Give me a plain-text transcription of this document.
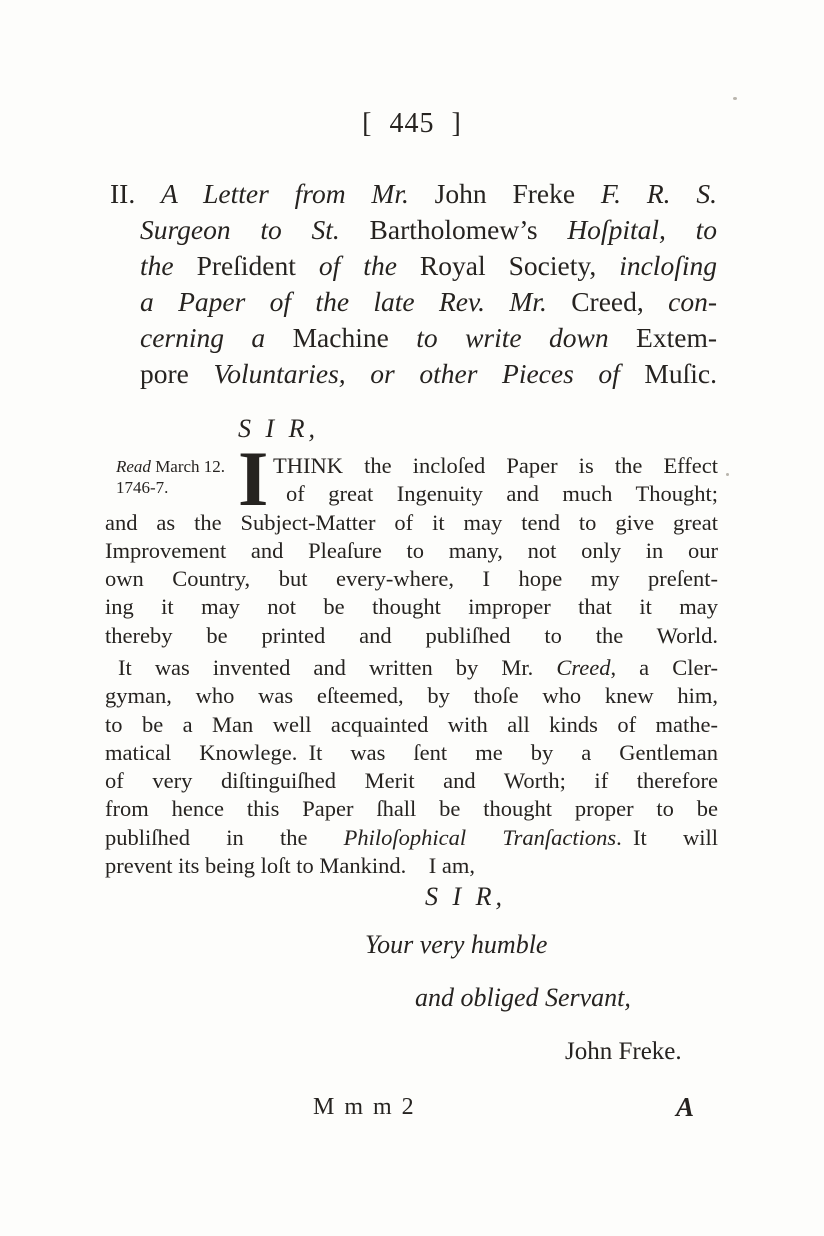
[ 445 ]
II. A Letter from Mr. John Freke F. R. S.
Surgeon to St. Bartholomew’s Hoſpital, to
the Preſident of the Royal Society, incloſing
a Paper of the late Rev. Mr. Creed, con-
cerning a Machine to write down Extem-
pore Voluntaries, or other Pieces of Muſic.
S I R,
Read March 12.
1746-7. I THINK the incloſed Paper is the Effect
of great Ingenuity and much Thought;
and as the Subject-Matter of it may tend to give great
Improvement and Pleaſure to many, not only in our
own Country, but every-where, I hope my preſent-
ing it may not be thought improper that it may
thereby be printed and publiſhed to the World.
It was invented and written by Mr. Creed, a Cler-
gyman, who was eſteemed, by thoſe who knew him,
to be a Man well acquainted with all kinds of mathe-
matical Knowlege. It was ſent me by a Gentleman
of very diſtinguiſhed Merit and Worth; if therefore
from hence this Paper ſhall be thought proper to be
publiſhed in the Philoſophical Tranſactions. It will
prevent its being loſt to Mankind. I am,
S I R,
Your very humble
and obliged Servant,
John Freke.
M m m 2	A
